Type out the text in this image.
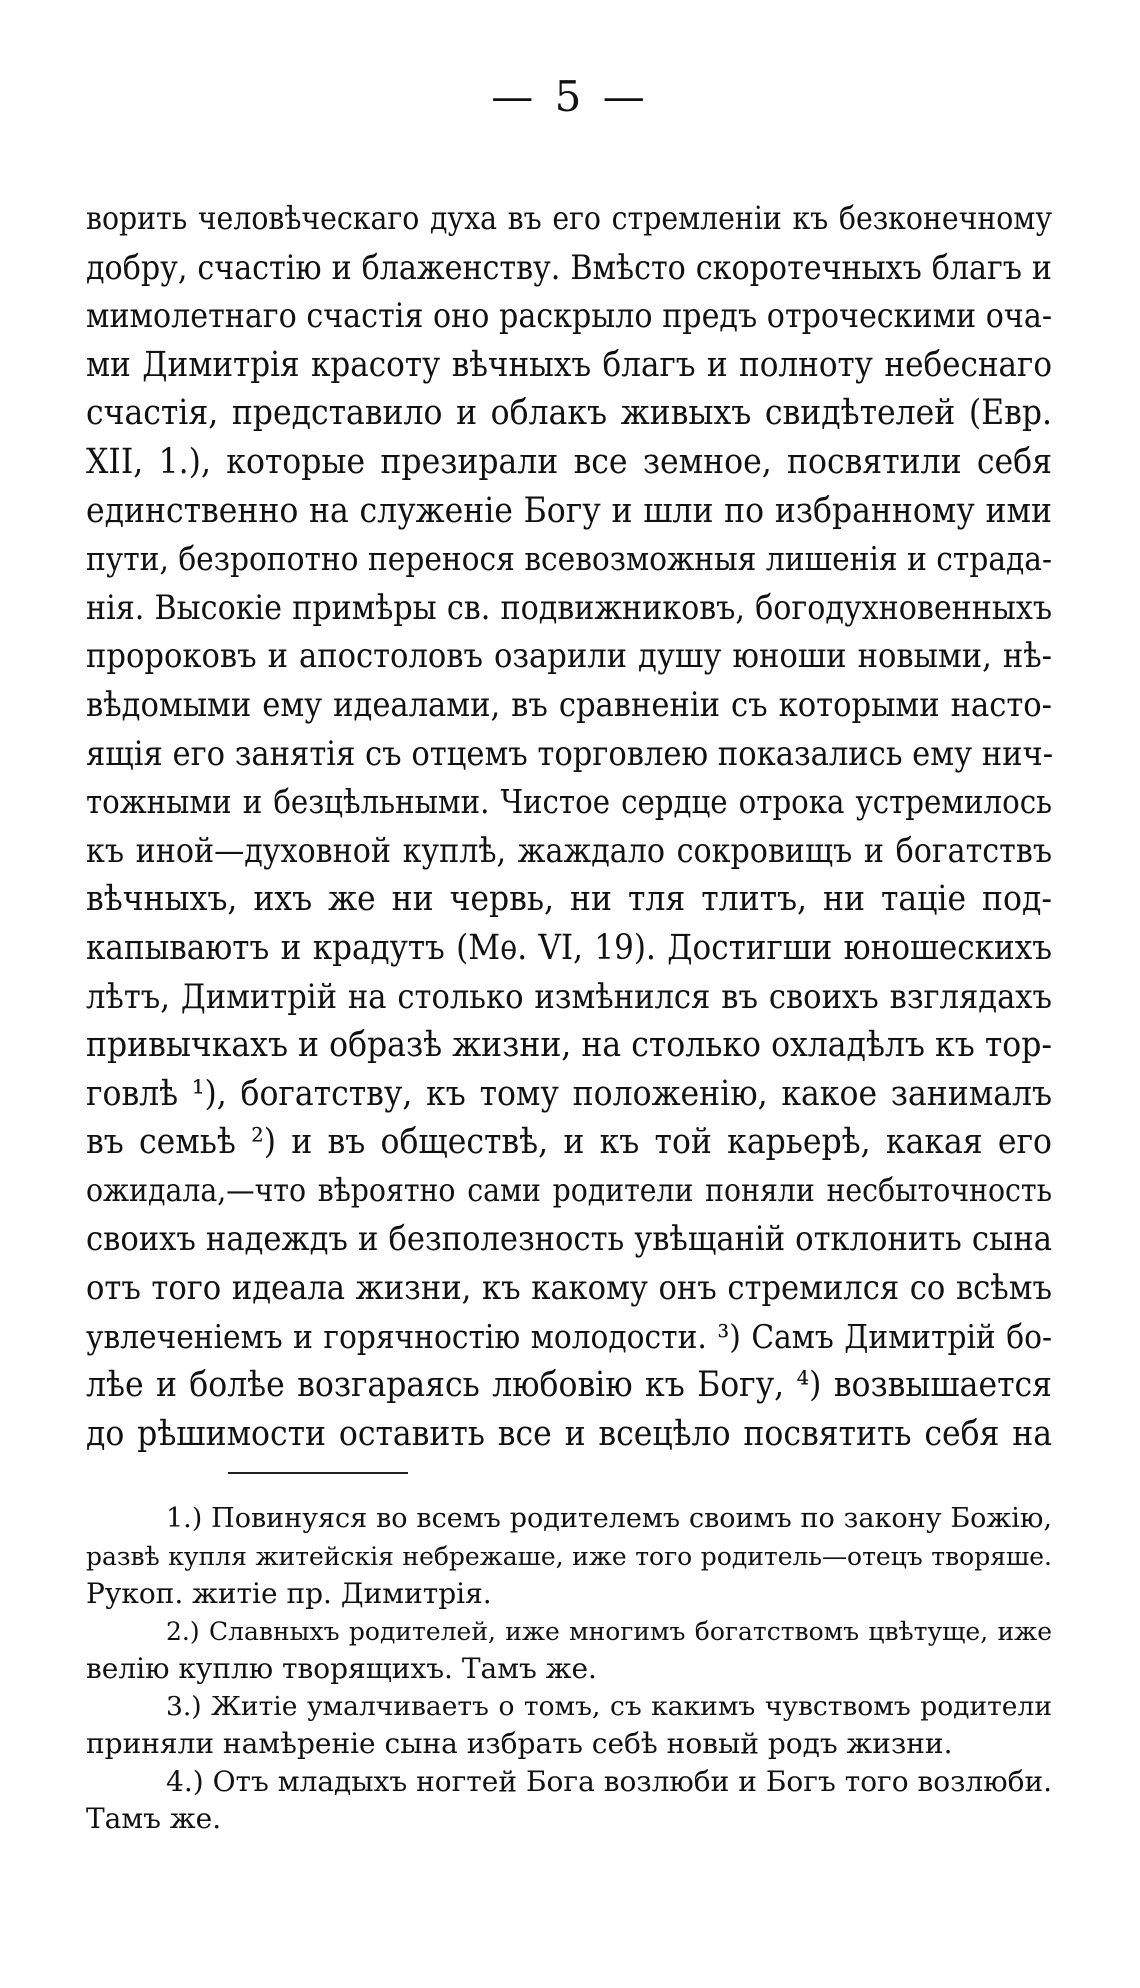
— 5 —
ворить человѣческаго духа въ его стремленіи къ безконечному
добру, счастію и блаженству. Вмѣсто скоротечныхъ благъ и
мимолетнаго счастія оно раскрыло предъ отроческими оча-
ми Димитрія красоту вѣчныхъ благъ и полноту небеснаго
счастія, представило и облакъ живыхъ свидѣтелей (Евр.
XII, 1.), которые презирали все земное, посвятили себя
единственно на служеніе Богу и шли по избранному ими
пути, безропотно перенося всевозможныя лишенія и страда-
нія. Высокіе примѣры св. подвижниковъ, богодухновенныхъ
пророковъ и апостоловъ озарили душу юноши новыми, нѣ-
вѣдомыми ему идеалами, въ сравненіи съ которыми насто-
ящія его занятія съ отцемъ торговлею показались ему нич-
тожными и безцѣльными. Чистое сердце отрока устремилось
къ иной—духовной куплѣ, жаждало сокровищъ и богатствъ
вѣчныхъ, ихъ же ни червь, ни тля тлитъ, ни тацiе под-
капываютъ и крадутъ (Мѳ. VI, 19). Достигши юношескихъ
лѣтъ, Димитрій на столько измѣнился въ своихъ взглядахъ
привычкахъ и образѣ жизни, на столько охладѣлъ къ тор-
говлѣ ¹), богатству, къ тому положенію, какое занималъ
въ семьѣ ²) и въ обществѣ, и къ той карьерѣ, какая его
ожидала,—что вѣроятно сами родители поняли несбыточность
своихъ надеждъ и безполезность увѣщаній отклонить сына
отъ того идеала жизни, къ какому онъ стремился со всѣмъ
увлеченіемъ и горячностію молодости. ³) Самъ Димитрій бо-
лѣе и болѣе возгараясь любовію къ Богу, ⁴) возвышается
до рѣшимости оставить все и всецѣло посвятить себя на
1.) Повинуяся во всемъ родителемъ своимъ по закону Божію,
развѣ купля житейскія небрежаше, иже того родитель—отецъ творяше.
Рукоп. житіе пр. Димитрія.
2.) Славныхъ родителей, иже многимъ богатствомъ цвѣтуще, иже
велію куплю творящихъ. Тамъ же.
3.) Житіе умалчиваетъ о томъ, съ какимъ чувствомъ родители
приняли намѣреніе сына избрать себѣ новый родъ жизни.
4.) Отъ младыхъ ногтей Бога возлюби и Богъ того возлюби.
Тамъ же.
